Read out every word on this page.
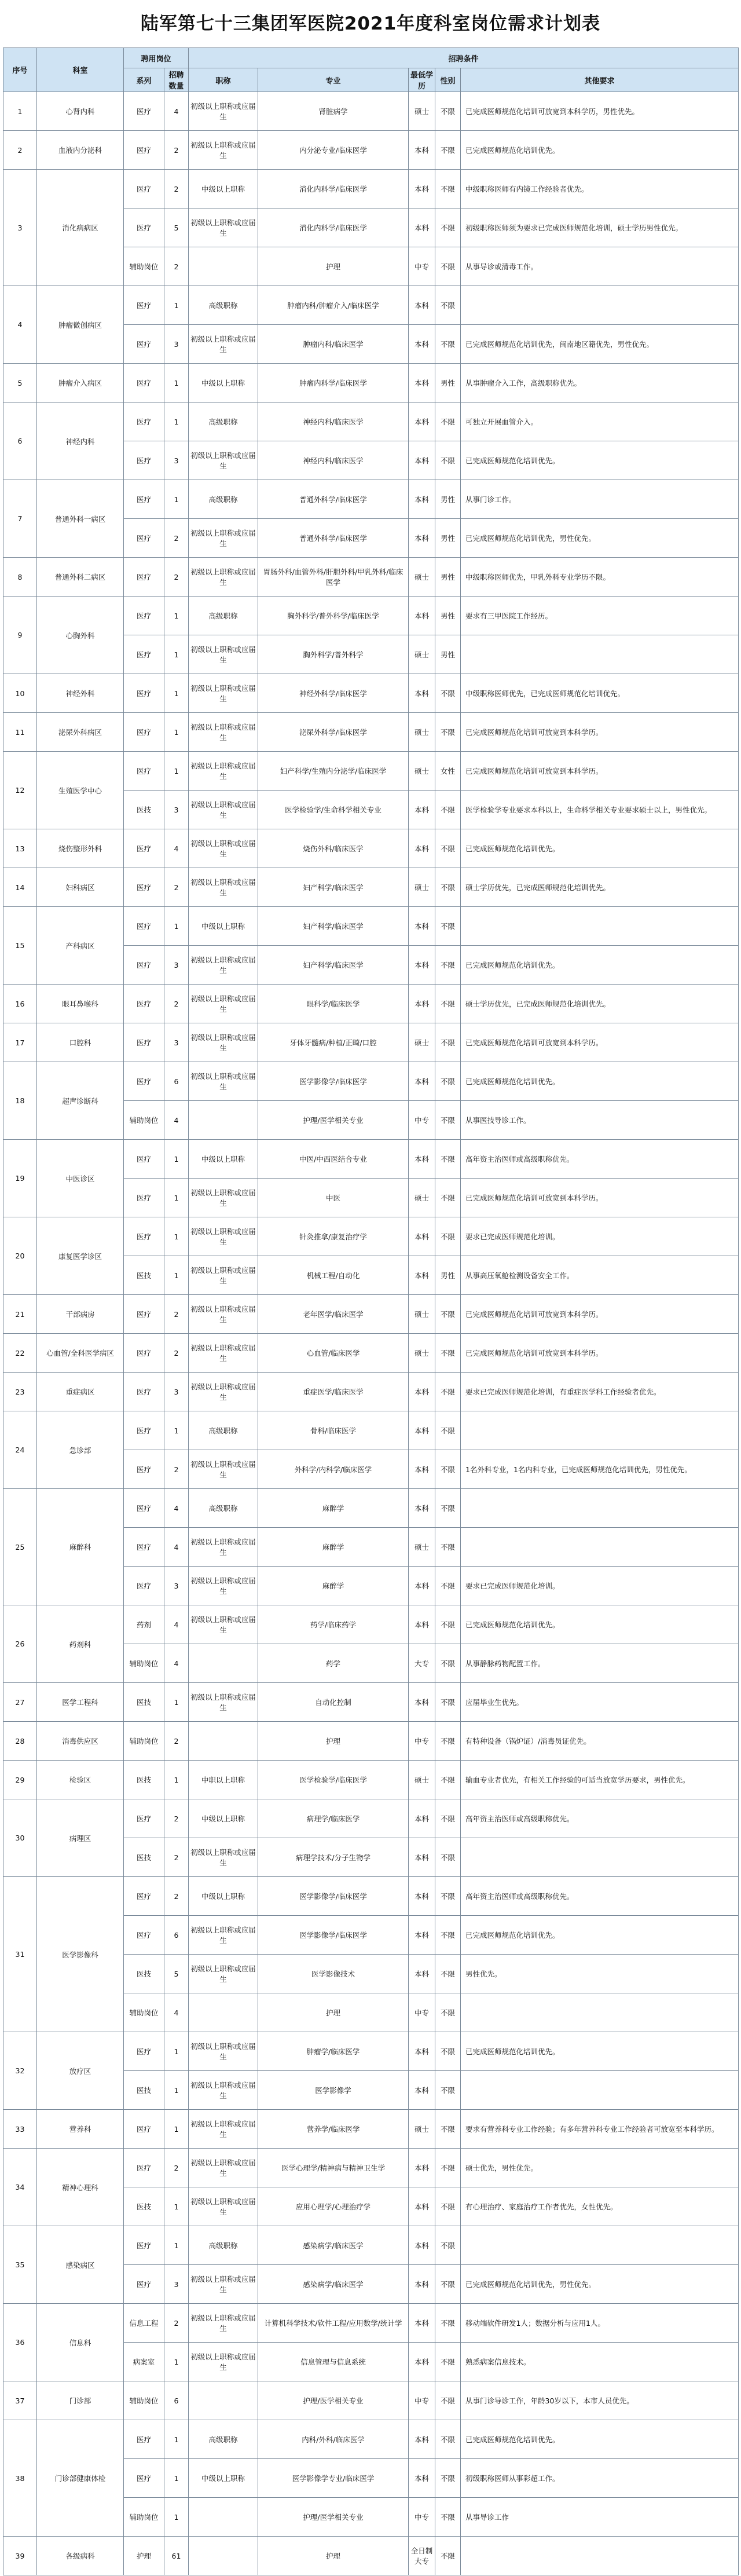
陆军第七十三集团军医院2021年度科室岗位需求计划表
序号	科室	聘用岗位		招聘条件				
		系列	招聘数量	职称	专业	最低学历	性别	其他要求
1	心肾内科	医疗	4	初级以上职称或应届生	肾脏病学	硕士	不限	已完成医师规范化培训可放宽到本科学历，男性优先。
2	血液内分泌科	医疗	2	初级以上职称或应届生	内分泌专业/临床医学	本科	不限	已完成医师规范化培训优先。
3	消化病病区	医疗	2	中级以上职称	消化内科学/临床医学	本科	不限	中级职称医师有内镜工作经验者优先。
		医疗	5	初级以上职称或应届生	消化内科学/临床医学	本科	不限	初级职称医师须为要求已完成医师规范化培训，硕士学历男性优先。
		辅助岗位	2		护理	中专	不限	从事导诊或清毒工作。
4	肿瘤微创病区	医疗	1	高级职称	肿瘤内科/肿瘤介入/临床医学	本科	不限	
		医疗	3	初级以上职称或应届生	肿瘤内科/临床医学	本科	不限	已完成医师规范化培训优先，闽南地区籍优先，男性优先。
5	肿瘤介入病区	医疗	1	中级以上职称	肿瘤内科学/临床医学	本科	男性	从事肿瘤介入工作，高级职称优先。
6	神经内科	医疗	1	高级职称	神经内科/临床医学	本科	不限	可独立开展血管介入。
		医疗	3	初级以上职称或应届生	神经内科/临床医学	本科	不限	已完成医师规范化培训优先。
7	普通外科一病区	医疗	1	高级职称	普通外科学/临床医学	本科	男性	从事门诊工作。
		医疗	2	初级以上职称或应届生	普通外科学/临床医学	本科	男性	已完成医师规范化培训优先，男性优先。
8	普通外科二病区	医疗	2	初级以上职称或应届生	胃肠外科/血管外科/肝胆外科/甲乳外科/临床医学	硕士	男性	中级职称医师优先，甲乳外科专业学历不限。
9	心胸外科	医疗	1	高级职称	胸外科学/普外科学/临床医学	本科	男性	要求有三甲医院工作经历。
		医疗	1	初级以上职称或应届生	胸外科学/普外科学	硕士	男性	
10	神经外科	医疗	1	初级以上职称或应届生	神经外科学/临床医学	本科	不限	中级职称医师优先，已完成医师规范化培训优先。
11	泌尿外科病区	医疗	1	初级以上职称或应届生	泌尿外科学/临床医学	硕士	不限	已完成医师规范化培训可放宽到本科学历。
12	生殖医学中心	医疗	1	初级以上职称或应届生	妇产科学/生殖内分泌学/临床医学	硕士	女性	已完成医师规范化培训可放宽到本科学历。
		医技	3	初级以上职称或应届生	医学检验学/生命科学相关专业	本科	不限	医学检验学专业要求本科以上，生命科学相关专业要求硕士以上，男性优先。
13	烧伤整形外科	医疗	4	初级以上职称或应届生	烧伤外科/临床医学	本科	不限	已完成医师规范化培训优先。
14	妇科病区	医疗	2	初级以上职称或应届生	妇产科学/临床医学	硕士	不限	硕士学历优先，已完成医师规范化培训优先。
15	产科病区	医疗	1	中级以上职称	妇产科学/临床医学	本科	不限	
		医疗	3	初级以上职称或应届生	妇产科学/临床医学	本科	不限	已完成医师规范化培训优先。
16	眼耳鼻喉科	医疗	2	初级以上职称或应届生	眼科学/临床医学	本科	不限	硕士学历优先，已完成医师规范化培训优先。
17	口腔科	医疗	3	初级以上职称或应届生	牙体牙髓病/种植/正畸/口腔	硕士	不限	已完成医师规范化培训可放宽到本科学历。
18	超声诊断科	医疗	6	初级以上职称或应届生	医学影像学/临床医学	本科	不限	已完成医师规范化培训优先。
		辅助岗位	4		护理/医学相关专业	中专	不限	从事医技导诊工作。
19	中医诊区	医疗	1	中级以上职称	中医/中西医结合专业	本科	不限	高年资主治医师或高级职称优先。
		医疗	1	初级以上职称或应届生	中医	硕士	不限	已完成医师规范化培训可放宽到本科学历。
20	康复医学诊区	医疗	1	初级以上职称或应届生	针灸推拿/康复治疗学	本科	不限	要求已完成医师规范化培训。
		医技	1	初级以上职称或应届生	机械工程/自动化	本科	男性	从事高压氧舱检测设备安全工作。
21	干部病房	医疗	2	初级以上职称或应届生	老年医学/临床医学	硕士	不限	已完成医师规范化培训可放宽到本科学历。
22	心血管/全科医学病区	医疗	2	初级以上职称或应届生	心血管/临床医学	硕士	不限	已完成医师规范化培训可放宽到本科学历。
23	重症病区	医疗	3	初级以上职称或应届生	重症医学/临床医学	本科	不限	要求已完成医师规范化培训，有重症医学科工作经验者优先。
24	急诊部	医疗	1	高级职称	骨科/临床医学	本科	不限	
		医疗	2	初级以上职称或应届生	外科学/内科学/临床医学	本科	不限	1名外科专业，1名内科专业，已完成医师规范化培训优先，男性优先。
25	麻醉科	医疗	4	高级职称	麻醉学	本科	不限	
		医疗	4	初级以上职称或应届生	麻醉学	硕士	不限	
		医疗	3	初级以上职称或应届生	麻醉学	本科	不限	要求已完成医师规范化培训。
26	药剂科	药剂	4	初级以上职称或应届生	药学/临床药学	本科	不限	已完成医师规范化培训优先。
		辅助岗位	4		药学	大专	不限	从事静脉药物配置工作。
27	医学工程科	医技	1	初级以上职称或应届生	自动化控制	本科	不限	应届毕业生优先。
28	消毒供应区	辅助岗位	2		护理	中专	不限	有特种设备（锅炉证）/消毒员证优先。
29	检验区	医技	1	中职以上职称	医学检验学/临床医学	硕士	不限	输血专业者优先，有相关工作经验的可适当放宽学历要求，男性优先。
30	病理区	医疗	2	中级以上职称	病理学/临床医学	本科	不限	高年资主治医师或高级职称优先。
		医技	2	初级以上职称或应届生	病理学技术/分子生物学	本科	不限	
31	医学影像科	医疗	2	中级以上职称	医学影像学/临床医学	本科	不限	高年资主治医师或高级职称优先。
		医疗	6	初级以上职称或应届生	医学影像学/临床医学	本科	不限	已完成医师规范化培训优先。
		医技	5	初级以上职称或应届生	医学影像技术	本科	不限	男性优先。
		辅助岗位	4		护理	中专	不限	
32	放疗区	医疗	1	初级以上职称或应届生	肿瘤学/临床医学	本科	不限	已完成医师规范化培训优先。
		医技	1	初级以上职称或应届生	医学影像学	本科	不限	
33	营养科	医疗	1	初级以上职称或应届生	营养学/临床医学	硕士	不限	要求有营养科专业工作经验；有多年营养科专业工作经验者可放宽至本科学历。
34	精神心理科	医疗	2	初级以上职称或应届生	医学心理学/精神病与精神卫生学	本科	不限	硕士优先，男性优先。
		医技	1	初级以上职称或应届生	应用心理学/心理治疗学	本科	不限	有心理治疗、家庭治疗工作者优先，女性优先。
35	感染病区	医疗	1	高级职称	感染病学/临床医学	本科	不限	
		医疗	3	初级以上职称或应届生	感染病学/临床医学	本科	不限	已完成医师规范化培训优先，男性优先。
36	信息科	信息工程	2	初级以上职称或应届生	计算机科学技术/软件工程/应用数学/统计学	本科	不限	移动端软件研发1人；数据分析与应用1人。
		病案室	1	初级以上职称或应届生	信息管理与信息系统	本科	不限	熟悉病案信息技术。
37	门诊部	辅助岗位	6		护理/医学相关专业	中专	不限	从事门诊导诊工作，年龄30岁以下，本市人员优先。
38	门诊部健康体检	医疗	1	高级职称	内科/外科/临床医学	本科	不限	已完成医师规范化培训优先。
		医疗	1	中级以上职称	医学影像学专业/临床医学	本科	不限	初级职称医师从事彩超工作。
		辅助岗位	1		护理/医学相关专业	中专	不限	从事导诊工作
39	各级病科	护理	61		护理	全日制大专	不限	
